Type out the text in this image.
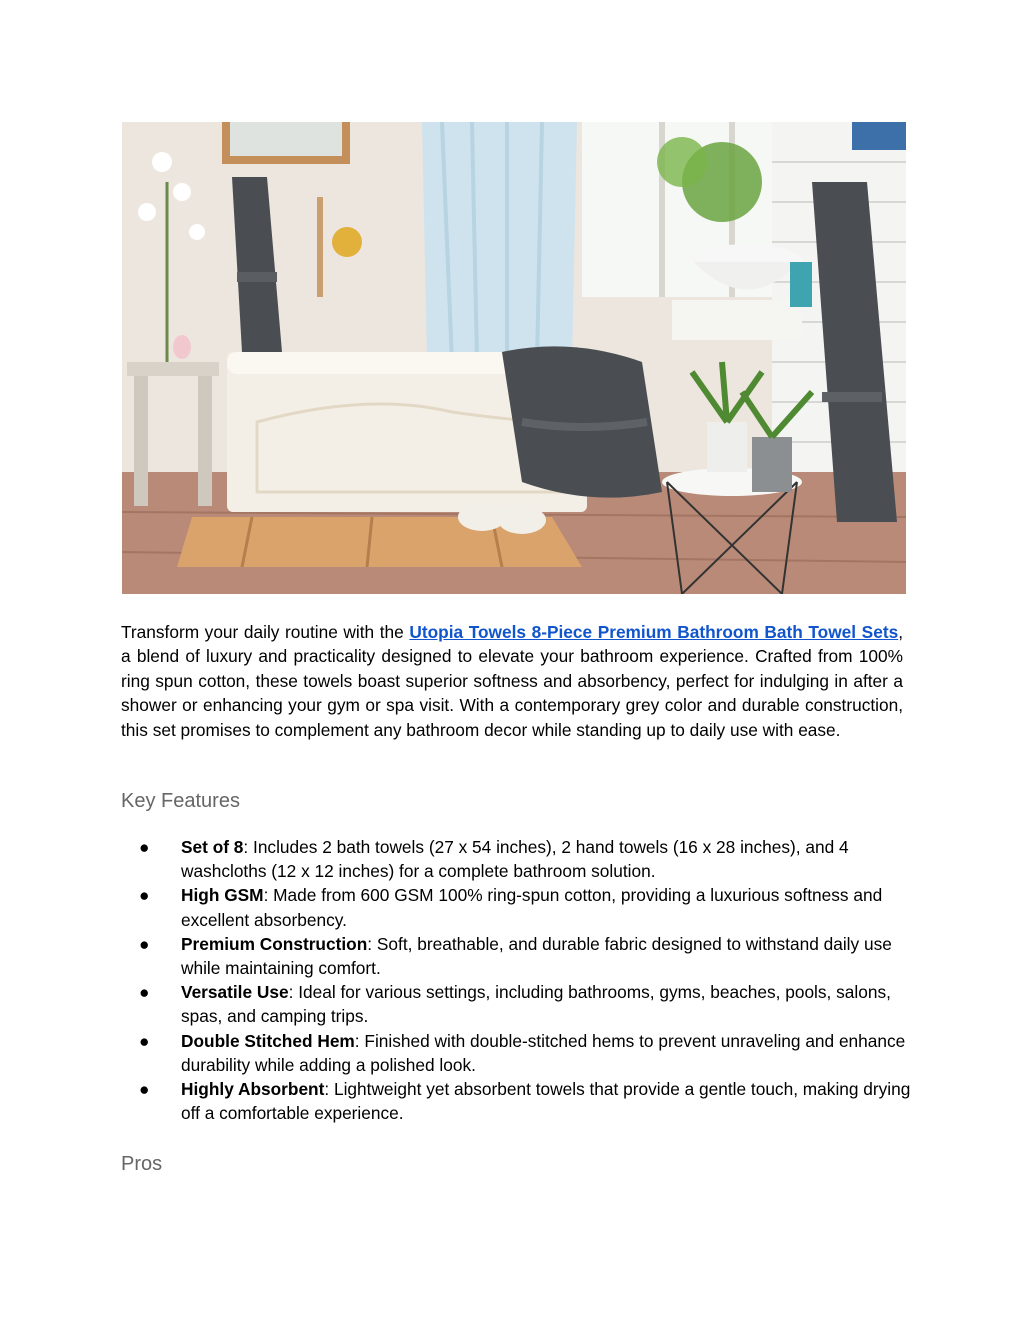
Transform your daily routine with the Utopia Towels 8-Piece Premium Bathroom Bath Towel Sets, a blend of luxury and practicality designed to elevate your bathroom experience. Crafted from 100% ring spun cotton, these towels boast superior softness and absorbency, perfect for indulging in after a shower or enhancing your gym or spa visit. With a contemporary grey color and durable construction, this set promises to complement any bathroom decor while standing up to daily use with ease.

Key Features
● Set of 8: Includes 2 bath towels (27 x 54 inches), 2 hand towels (16 x 28 inches), and 4 washcloths (12 x 12 inches) for a complete bathroom solution.
● High GSM: Made from 600 GSM 100% ring-spun cotton, providing a luxurious softness and excellent absorbency.
● Premium Construction: Soft, breathable, and durable fabric designed to withstand daily use while maintaining comfort.
● Versatile Use: Ideal for various settings, including bathrooms, gyms, beaches, pools, salons, spas, and camping trips.
● Double Stitched Hem: Finished with double-stitched hems to prevent unraveling and enhance durability while adding a polished look.
● Highly Absorbent: Lightweight yet absorbent towels that provide a gentle touch, making drying off a comfortable experience.
Pros
